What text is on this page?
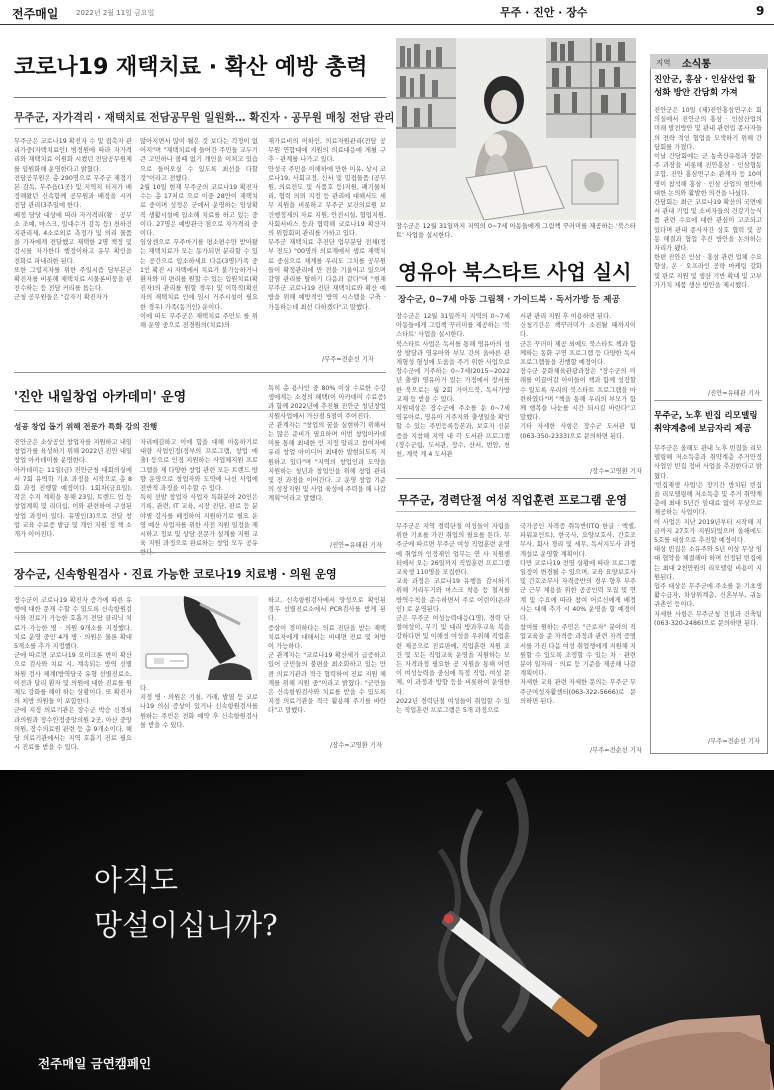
전주매일	2022년 2월 11일 금요일	무주 · 진안 · 장수	9
코로나19 재택치료 · 확산 예방 총력
무주군, 자가격리 · 재택치료 전담공무원 일원화… 확진자 · 공무원 매칭 전담 관리
무주군은 코로나19 확진자 수 및 접촉자 관리가중(자택치료인) 범정원에 따라 자가격리와 재택치료 이원화 시켰던 전담공무원제를 일원화해 운영한다고 밝혔다.
전담공무원은 총 290명으로 무주군 재정기본 감독, 무주읍(1곳) 및 지역지 터지가 배정해왔던 신속함께 공무원과 배정을 시켜 전담 관리(3주일에 한다.
배정 담당 대상에 따라 자가격리(왕 · 공무소 조예, 마스크, 밀대수거 감독 등) 천하건지관리제, 4소로외로 측정가 및 의리 물품을 가자에게 전달했고 재택한 2명 책정 및 감시를 자가한다 행정이하고 유무 확인을 전화로 파내려한 된다.
또한 그럴지자를 위한 주일시즘 담부본군 확진자를 비롯해 재택치료 시물론비뭉을 핀전수하는 등 전담 커리를 돕는다.
군청 공무원들은 "갑자기 확진자가
많아지면서 많이 될은 것 보다는 걱정이 없어지"며 "재택치료에 들어간 주민들 교두기 큰 고민하나 볼때 없기 개인을 이처고 있습으로 들어오실 수 있도록 최선을 다할 것"이라고 전했다.
2월 10일 현재 무주군의 코로나19 확진자 수는 총 17처로 으로 이중 28만이 재택치료 중이며 성정은 군에서 운영하는 임상확직 생활시설에 입소해 치료를 하고 있는 중이다. 27명은 예방관극 점으로 자가격리 중이다.
임상센으로 무주마기를 평소편수만 받아왔는 재택치료가 모는 동가되면 분리할 수 있는 공간으로 입소하세요 다음(3명)가족 중 1인 확진 시 자택에서 치료가 불가능하거나 환자와 미 편리를 원할 수 있는 입원치료(확진자)의 관리를 원할 경우) 및 이학적(확진자의 재택치료 인에 임시 거주시설이 필요한 경우) 가족(동거인) 운이다.
이에 따도 무주군은 재택치료 주민도 를 위해 운영 중으로 전경원의(치료)의
재가료비의 이하인, 의료자원관리(전담 공무원 연합대에 지원의 의료대응에 게될 구추 · 관계를 나가고 있다.
안성국 주민을 이해하에 만한 이유, 상시 코로나19, 사회교정, 신서 및 밀접물품 (공무원, 의료전도 및 식품호 등)지원, 폐기물처리, 협력 의뢰 지정 등 관리에 대해서도 세무 지원을 비롯하고 무주군 보건의료원 보건행정제의 자료 지원, 안전시설, 협업지원, 사회서비스 등과 협력해 코로나19 확산자의 위험회피 관리를 가하고 있다.
무주군 재택치료 추진단 업무분담 전체(정부 전도) "00명의 의료계에서 생로 재택치료 중심으로 체계를 우리도 그치를 공무원들이 확정관리에 만 전을 기울이고 있으며 감염 관리를 탈하기 다음과 같다"며 "현재 무주군 코로나19 진단 재택치료와 확산 예방을 위해 예방적인 방역 시스템을 구축 · 가동하는데 최선 다하겠다"고 말했다.
/무주=전순선 기자
장수군은 12월 31일까지 지역의 0~7세 아동들에게 그림책 꾸러미를 제공하는 '북스타트' 사업을 실시한다.
영유아 북스타트 사업 실시
장수군, 0~7세 아동 그림책 · 가이드북 · 독서가방 등 제공
장수군은 12월 31일까지 지역의 0~7세 아동들에게 그림책 꾸러미를 제공하는 '북스타트' 사업을 실시한다.
북스타트 사업은 독서를 통해 영유아의 성장 발달과 영유아와 부모 간의 올바른 관계형성 형성에 도움을 주기 위한 사업으로 장수군에 거주하는 0~7세(2015~2022년 출생) 영유아가 있는 가정에서 장서를 한 북으로는 월 2회 가이드북, 독서가방 교재 등 받을 수 있다.
지원대상은 장수군에 주소를 둔 0~7세 영유아로, 영유아 거주지와 출생일을 확인 할 수 있는 주민등록등본과, 보호자 신분증을 지참해 지역 내 각 도서관 프로그램(장수군립, 도서관, 장수, 산서, 번암, 천천, 계북 계 4 도서관
서관 관리 지원 후 이용하면 된다.
신청기간은 책꾸러미가 소진될 때까지이다.
군은 꾸러미 제공 외에도 북스타트 책과 함께하는 동화 구연 프로그램 등 다양한 독서 프로그램들을 진행할 예정이다.
장수군 문화체육관광과장은 "장수군의 미래를 이끌어갈 아이들이 책과 함께 성장할 수 있도록 우리의 북스타트 프로그램을 마련하였다"며 "책을 통해 우리의 부모가 함께 행복을 나눈를 시간 되시길 바란다"고 말했다.
기타 자세한 사항은 장수군 도서관 팀(063-350-2333)으로 문의하면 된다.
/장수=고영환 기자
무주군, 경력단절 여성 직업훈련 프로그램 운영
무주군은 지역 경력단절 여성들이 자립을 위한 기초를 가진 취업의 필요를 튼다. 무주군에 따르면 무주군 여성 직업훈련 운영에 취업의 인정재인 업무는 연 사 지원센터에서 오는 26일까지 직업훈련 프로그램 교육생 110명을 모집한다.
교육 과정은 코로나19 유행을 감시하기 위해 거리두기와 마스크 착용 등 철저를 방역수칙을 준수하면서 주로 어린이(온라인) 로 운영된다.
군은 무주군 여성능력대응(1명), 경력 단절여성이, 무기 및 대리 방과후교육 복을 강하다면 및 이해성 여성을 우위해 직업훈련 제공으로 진료판에, 직업훈련 지원 조건 및 모든 직업교육 운영을 지원하는 모든 자격과정 필요한 공 지원을 통해 어린이 여성능력을 중심에 특정 직업, 여성 문제, 이 과정과 방향 등을 비롯하여 운영한다.
2022년 경력단절 여성들이 취업할 수 있는 직업훈련 프로그램은 5개 과정으로
국가공인 자격증 취득반(ITQ 한글 · 엑셀, 파워포인트), 한국사, 요양보호사, 간호조무사, 회사 경리 및 세무, 독서지도사 과정 개설로 운영할 계획이다.
다만 코로나19 전염 상황에 따라 프로그램 일정이 변경될 수 있으며, 교육 요양보호사 및 간호조무사 자격증반의 경우 향후 무주군 근무 채용을 위한 공공인력 모집 및 연계 및 수요에 따라 참여 어르신에게 배정 사는 대해 추가 시 40% 운영을 할 예정이다.
참여를 원하는 주민은 "근로자" 분야의 직업교육을 준 자격증 과정과 관련 자격 증명서를 가진 다음 여성 취업생에게 지원해 지원할 수 있도록 조정할 수 있는 차 · 관련 분야 일자리 · 의료 등 기준을 제공해 나갈 계획이다.
자세한 교육 관련 자세한 문의는 무주군 무주군여성자활센터(063-322-5666)로 문의하면 된다.
/무주=전순선 기자
'진안 내일창업 아카데미' 운영
성공 창업 돕기 위해 전문가 특화 강의 진행
진안군은 소상공인 창업자를 지원하고 내일창업가를 육성하기 위해 2022년 진안 내일창업 아카데미를 운영한다.
아카데미는 11일(금) 진안군청 대회의실에서 7회 유역학 기초 과정을 시작으로 총 8회 과정 진행할 예정이다. 1회차(금요일), 작은 수지 계획을 통해 23일, 트렌드 업 등 창업계획 및 리더십, 이와 관련하여 구성된 창업 과정이 있다. 유명인(3)으로 전달 창업 교육 수료증 발급 및 개인 지원 정 책 소개가 이어진다.
자리매김하고 이에 힘을 대해 아동하기로 대량 사업인정(정부의 프로그램, 창업 매출) 등으로 인정 지원하는 사업체지원 프로그램을 제 다양한 창업 관련 모든 트렌드 방향 운영으로 창업자와 도약에 나선 사업에 전반적 과정을 이수할 수 있다.
특히 선발 창업자 사업자 특화분야 20인은 기록, 관련, IT 교육, 시장 진단, 판로 등 분야별 강사를 배정하여 지원하기로 필요 운영 예산 사업자를 위한 사전 지원 일정을 제시하고 정보 및 상담 전문가 설계를 지원 교육 지원 과정으로 완료하는 창업 모두 공유
특히 총 용사인 중 80% 이상 수료한 수강생에게는 소정의 혜택(이 아카데미 수료증)과 함께 2022년에 추진될 진안군 청년창업지원사업에서 가산점 5점이 주어진다.
군 관계자는 "창업의 꿈을 실현하기 위해서는 많은 준비가 필요하며 이번 창업아카데미를 통해 최대한 인 지정 알리고 참여자에 유리 창업 아이디어 최대한 발현되도록 지원하고 있다"며 "지역의 창업인과 도약을 지원하는 청년과 창업인을 위해 창업 관리 및 전 과정을 이어간다. 고 운영 창업 기준의 성장지원 및 사업 육성에 주력을 해 나갈 계획"이라고 말했다.
/진안=유태관 기자
장수군, 신속항원검사 · 진료 가능한 코로나19 치료병 · 의원 운영
장수군이 코로나19 확진자 증가에 따른 유행에 대한 문재 수할 수 있도록 신속항원검사와 진료가 가능한 호흡기 전담 클리닉 치료가 가능한 병 · 의원 9개소를 지정했다. 치료 운영 중인 4개 병 · 의원은 물론 확대 5개소를 추가 지정했다.
군에 따르면 코로나19 오미크론 변이 확산으로 검사와 치료 시, 계속되는 방역 선별 차원 검사 체계(방역당국 유형 선별진료소, 이전과 달리 환자 및 의원에 대한 진료를 원 제도 강화를 해야 하는 상황이다. 또 확진자의 처방 의원들 이 포함한다.
군에 지정 의료기관은 장수군 박승 신경외과의원과 장수안정중앙의원 2곳, 아산 중앙의원, 장수의료원 관련 등 총 9개소이다. 해당 의료기관에서는 지역 호흡기 진료 필요 시 진료를 받을 수 있다.
다.
지정 병 · 의원은 기침, 가래, 발열 등 코로나19 의심 증상이 있거나 신속항원검사를 원하는 주민은 전화 예약 후 신속항원검사를 받을 수 있다.
하고, 신속항원검사에서 양성으로 확인된 경우 선별진료소에서 PCR검사를 받게 된다.
증상이 경미하다는 의료 진단을 받는 재택 치료자에게 대해서는 비대면 진료 및 처방이 가능하다.
군 관계자는 "코로나19 확산세가 급증하고 있어 군민들의 불편을 최소화하고 있는 만큼 의료기관과 적극 협력하여 진료 지원 체계를 위해 지원 중"이라고 밝혔다. "군민들은 신속항원검사와 치료를 받을 수 있도록 지정 의료기관을 적극 활용해 주기를 바란다"고 말했다.
/장수=고영환 기자
지역 소식통
진안군, 홍삼 · 인삼산업 활성화 방안 간담회 가져
진안군은 10일 (제)진안홍삼연구소 회의실에서 진안군의 홍삼 · 인삼산업의 미래 발전방안 및 관내 관련업 종사자들의 전략 적인 협업을 모색하기 위해 간담회를 가졌다.
이날 간담회에는 군 농축산유통과 장문주 과장을 비롯해 진안홍삼 · 인삼협동조합, 진안 홍삼연구소 관계자 등 10여 명이 참석해 홍삼 · 인삼 산업의 현안에 대한 논의와 활발한 의견을 나눴다.
간담회는 최근 코로나19 확산의 국면에서 관내 기업 및 소비자들의 건강기능식품 관련 수요에 대한 관심이 고조되고 있다며 관내 종사자간 상호 협력 및 공동 해결과 협업 추진 방안을 논의하는 자리가 됐다.
한편 진안은 인삼 · 홍삼 관련 업체 수요 향상, 온 · 오프라인 공략 마케팅 강화 및 판로 지원 및 생산 기반 확대 및 고부가가치 제품 생산 방안을 제시했다.
/진안=유태관 기자
무주군, 노후 빈집 리모델링 취약계층에 보금자리 제공
무주군은 올해도 관내 노후 빈집을 리모델링해 저소득층과 취약계층 주거안정 사업인 빈집 정비 사업을 추진한다고 밝혔다.
'빈집재생 사업'은 장기간 방치된 빈집을 리모델링해 저소득층 및 주거 취약계층에 최대 5년간 임대료 없이 무상으로 제공하는 사업이다.
이 사업은 지난 2019년부터 시작해 지금까지 27호가 지원되었으며 올해에도 5호를 대상으로 추진할 예정이다.
대상 빈집은 소유주와 5년 이상 무상 임대 협약을 체결해야 하며 선정된 빈집에는 최대 2천만원의 리모델링 비용이 지원된다.
입주 대상은 무주군에 주소를 둔 기초생활수급자, 차상위계층, 신혼부부, 귀농귀촌인 등이다.
자세한 사항은 무주군청 건설과 건축팀(063-320-2486)으로 문의하면 된다.
/무주=전순선 기자
아직도
망설이십니까?
전주매일 금연캠페인
